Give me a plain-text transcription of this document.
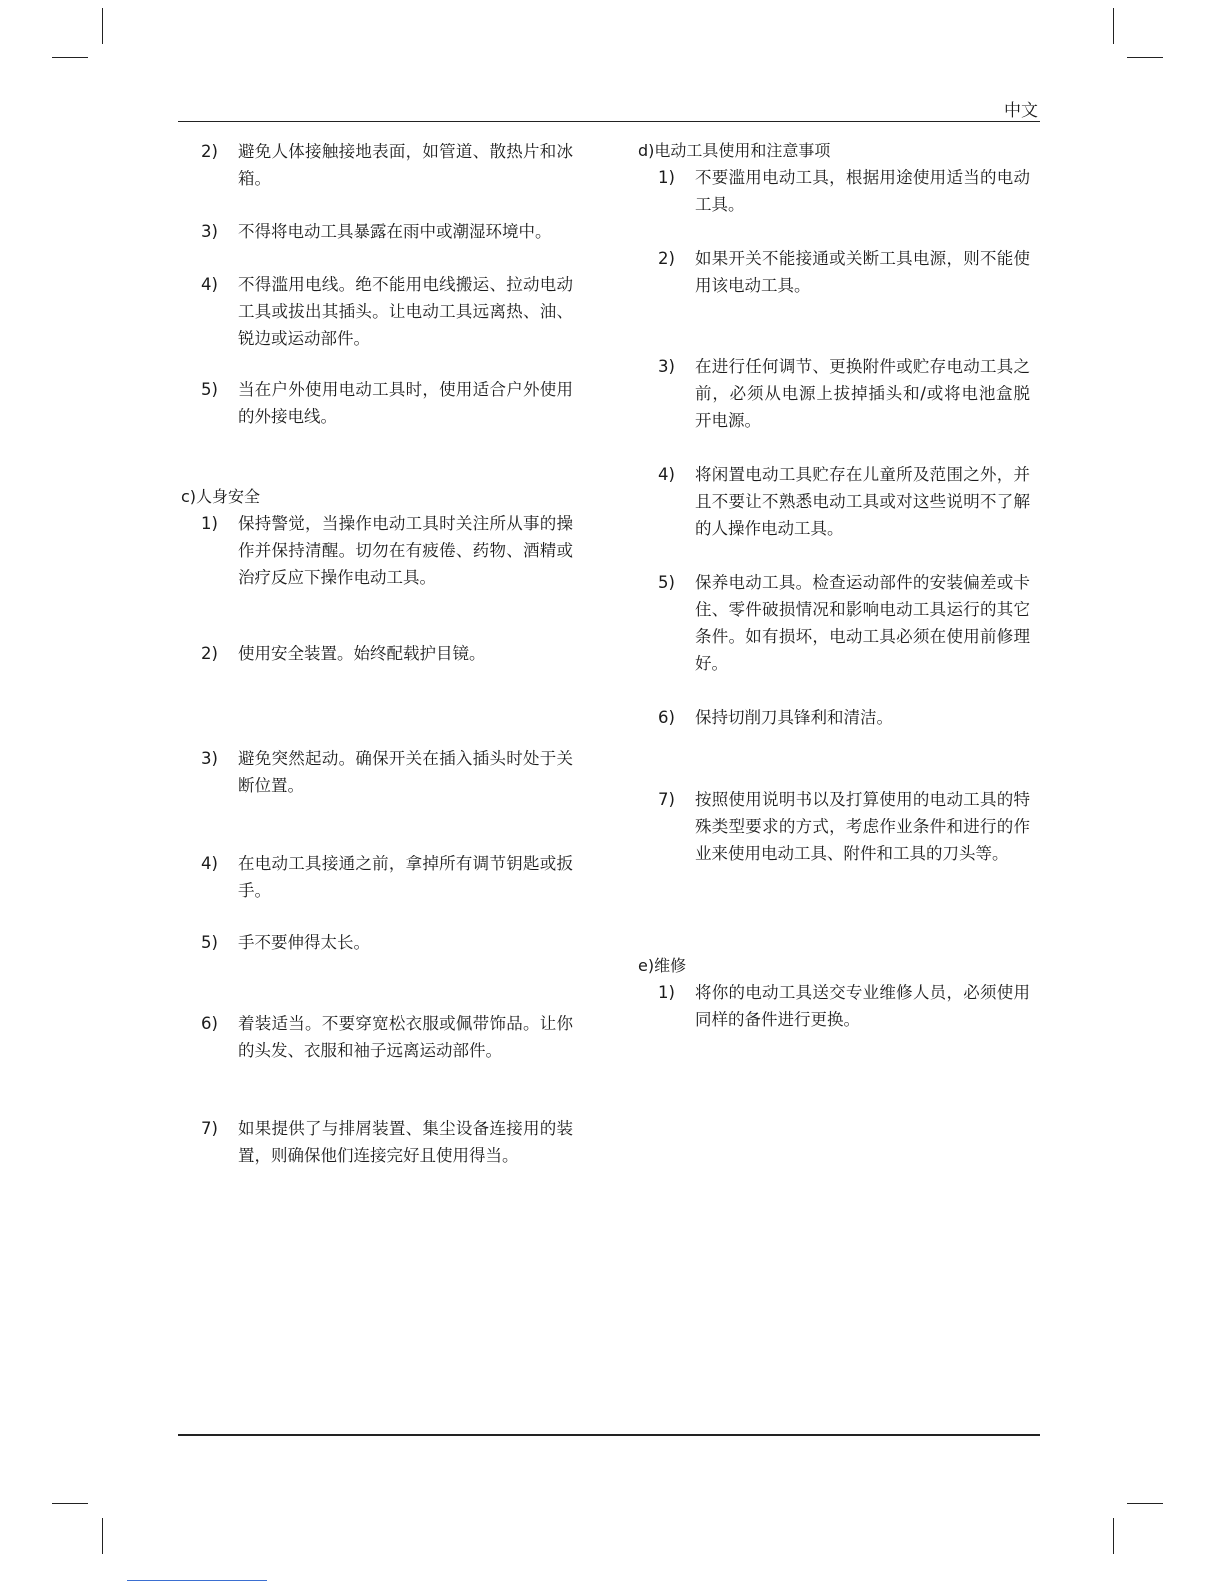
中文
2) 避免人体接触接地表面，如管道、散热片和冰箱。
3) 不得将电动工具暴露在雨中或潮湿环境中。
4) 不得滥用电线。绝不能用电线搬运、拉动电动工具或拔出其插头。让电动工具远离热、油、锐边或运动部件。
5) 当在户外使用电动工具时，使用适合户外使用的外接电线。
c)人身安全
1) 保持警觉，当操作电动工具时关注所从事的操作并保持清醒。切勿在有疲倦、药物、酒精或治疗反应下操作电动工具。
2) 使用安全装置。始终配载护目镜。
3) 避免突然起动。确保开关在插入插头时处于关断位置。
4) 在电动工具接通之前，拿掉所有调节钥匙或扳手。
5) 手不要伸得太长。
6) 着装适当。不要穿宽松衣服或佩带饰品。让你的头发、衣服和袖子远离运动部件。
7) 如果提供了与排屑装置、集尘设备连接用的装置，则确保他们连接完好且使用得当。
d)电动工具使用和注意事项
1) 不要滥用电动工具，根据用途使用适当的电动工具。
2) 如果开关不能接通或关断工具电源，则不能使用该电动工具。
3) 在进行任何调节、更换附件或贮存电动工具之前，必须从电源上拔掉插头和/或将电池盒脱开电源。
4) 将闲置电动工具贮存在儿童所及范围之外，并且不要让不熟悉电动工具或对这些说明不了解的人操作电动工具。
5) 保养电动工具。检查运动部件的安装偏差或卡住、零件破损情况和影响电动工具运行的其它条件。如有损坏，电动工具必须在使用前修理好。
6) 保持切削刀具锋利和清洁。
7) 按照使用说明书以及打算使用的电动工具的特殊类型要求的方式，考虑作业条件和进行的作业来使用电动工具、附件和工具的刀头等。
e)维修
1) 将你的电动工具送交专业维修人员，必须使用同样的备件进行更换。
